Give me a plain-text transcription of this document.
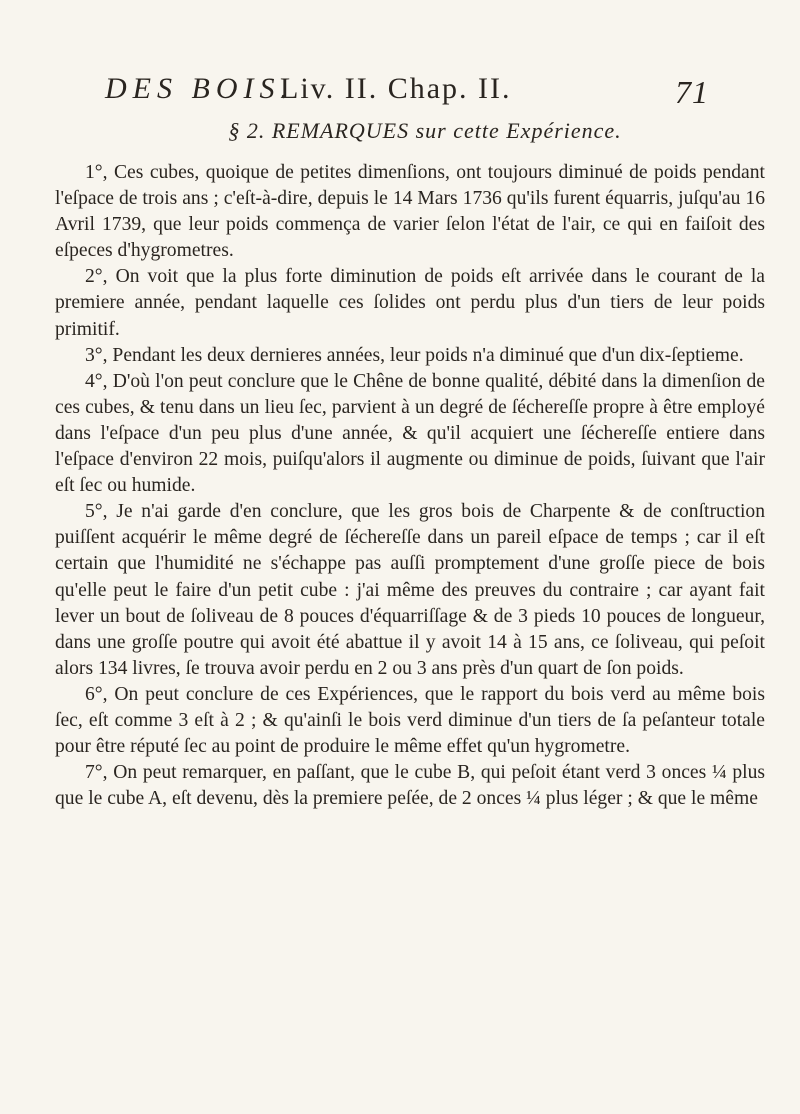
DES BOIS.
Liv. II. Chap. II.	71
§ 2. REMARQUES sur cette Expérience.

1°, Ces cubes, quoique de petites dimenſions, ont toujours diminué de poids pendant l'eſpace de trois ans ; c'eſt-à-dire, depuis le 14 Mars 1736 qu'ils furent équarris, juſqu'au 16 Avril 1739, que leur poids commença de varier ſelon l'état de l'air, ce qui en faiſoit des eſpeces d'hygrometres.

2°, On voit que la plus forte diminution de poids eſt arrivée dans le courant de la premiere année, pendant laquelle ces ſolides ont perdu plus d'un tiers de leur poids primitif.

3°, Pendant les deux dernieres années, leur poids n'a diminué que d'un dix-ſeptieme.

4°, D'où l'on peut conclure que le Chêne de bonne qualité, débité dans la dimenſion de ces cubes, & tenu dans un lieu ſec, parvient à un degré de ſéchereſſe propre à être employé dans l'eſpace d'un peu plus d'une année, & qu'il acquiert une ſéchereſſe entiere dans l'eſpace d'environ 22 mois, puiſqu'alors il augmente ou diminue de poids, ſuivant que l'air eſt ſec ou humide.

5°, Je n'ai garde d'en conclure, que les gros bois de Charpente & de conſtruction puiſſent acquérir le même degré de ſéchereſſe dans un pareil eſpace de temps ; car il eſt certain que l'humidité ne s'échappe pas auſſi promptement d'une groſſe piece de bois qu'elle peut le faire d'un petit cube : j'ai même des preuves du contraire ; car ayant fait lever un bout de ſoliveau de 8 pouces d'équarriſſage & de 3 pieds 10 pouces de longueur, dans une groſſe poutre qui avoit été abattue il y avoit 14 à 15 ans, ce ſoliveau, qui peſoit alors 134 livres, ſe trouva avoir perdu en 2 ou 3 ans près d'un quart de ſon poids.

6°, On peut conclure de ces Expériences, que le rapport du bois verd au même bois ſec, eſt comme 3 eſt à 2 ; & qu'ainſi le bois verd diminue d'un tiers de ſa peſanteur totale pour être réputé ſec au point de produire le même effet qu'un hygrometre.

7°, On peut remarquer, en paſſant, que le cube B, qui peſoit étant verd 3 onces ¼ plus que le cube A, eſt devenu, dès la premiere peſée, de 2 onces ¼ plus léger ; & que le même
